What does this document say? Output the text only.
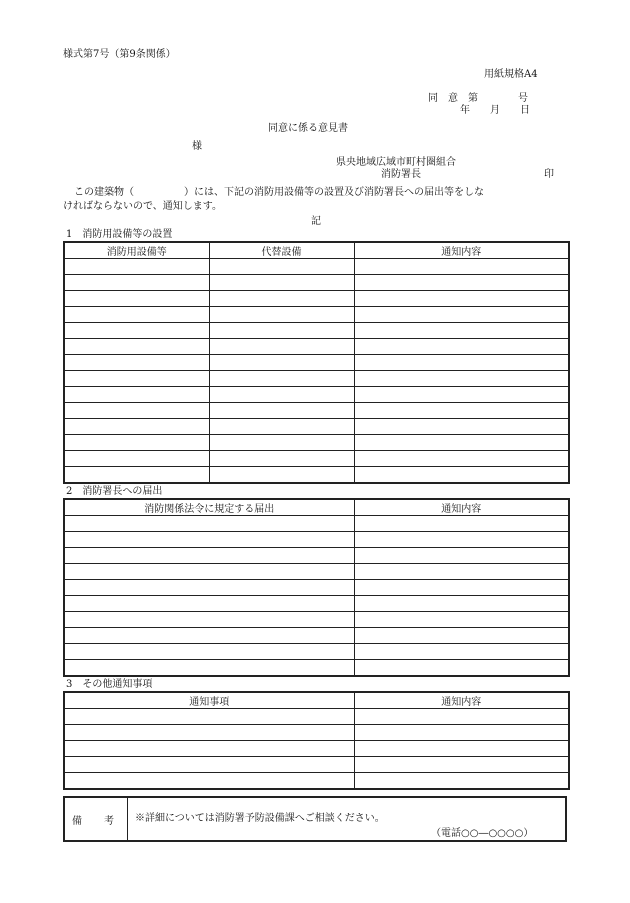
様式第7号（第9条関係）
用紙規格A4
同　意　第　　　　号
年　　月　　日
同意に係る意見書
様
県央地域広域市町村圏組合
消防署長	印
この建築物（　　　　　）には、下記の消防用設備等の設置及び消防署長への届出等をしな
ければならないので、通知します。
記
1　消防用設備等の設置
消防用設備等	代替設備	通知内容

2　消防署長への届出
消防関係法令に規定する届出	通知内容

3　その他通知事項
通知事項	通知内容

備　考	※詳細については消防署予防設備課へご相談ください。
（電話○○―○○○○）
